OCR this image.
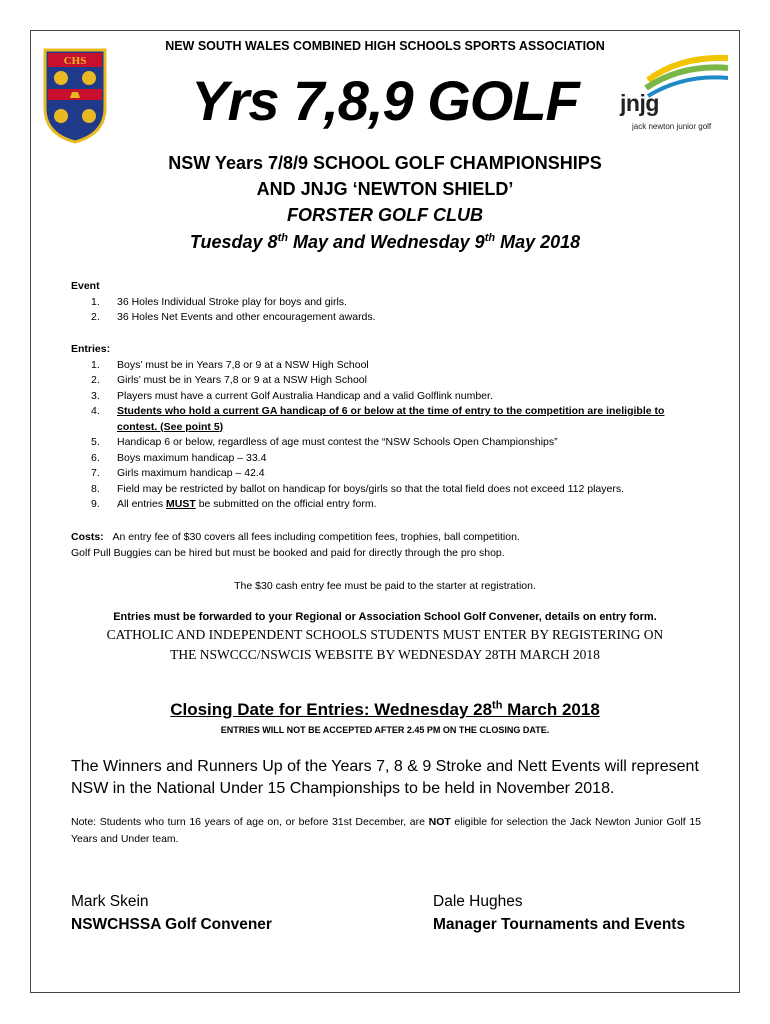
NEW SOUTH WALES COMBINED HIGH SCHOOLS SPORTS ASSOCIATION
CHS
jnjg
jack newton junior golf
Yrs 7,8,9 GOLF
NSW Years 7/8/9 SCHOOL GOLF CHAMPIONSHIPS
AND JNJG ‘NEWTON SHIELD’
FORSTER GOLF CLUB
Tuesday 8th May and Wednesday 9th May 2018
Event
1. 36 Holes Individual Stroke play for boys and girls.
2. 36 Holes Net Events and other encouragement awards.
Entries:
1. Boys’ must be in Years 7,8 or 9 at a NSW High School
2. Girls’ must be in Years 7,8 or 9 at a NSW High School
3. Players must have a current Golf Australia Handicap and a valid Golflink number.
4. Students who hold a current GA handicap of 6 or below at the time of entry to the competition are ineligible to contest. (See point 5)
5. Handicap 6 or below, regardless of age must contest the “NSW Schools Open Championships”
6. Boys maximum handicap – 33.4
7. Girls maximum handicap – 42.4
8. Field may be restricted by ballot on handicap for boys/girls so that the total field does not exceed 112 players.
9. All entries MUST be submitted on the official entry form.
Costs: An entry fee of $30 covers all fees including competition fees, trophies, ball competition.
Golf Pull Buggies can be hired but must be booked and paid for directly through the pro shop.
The $30 cash entry fee must be paid to the starter at registration.
Entries must be forwarded to your Regional or Association School Golf Convener, details on entry form.
CATHOLIC AND INDEPENDENT SCHOOLS STUDENTS MUST ENTER BY REGISTERING ON
THE NSWCCC/NSWCIS WEBSITE BY WEDNESDAY 28TH MARCH 2018
Closing Date for Entries: Wednesday 28th March 2018
ENTRIES WILL NOT BE ACCEPTED AFTER 2.45 PM ON THE CLOSING DATE.
The Winners and Runners Up of the Years 7, 8 & 9 Stroke and Nett Events will represent NSW in the National Under 15 Championships to be held in November 2018.
Note: Students who turn 16 years of age on, or before 31st December, are NOT eligible for selection the Jack Newton Junior Golf 15 Years and Under team.
Mark Skein
NSWCHSSA Golf Convener
Dale Hughes
Manager Tournaments and Events
